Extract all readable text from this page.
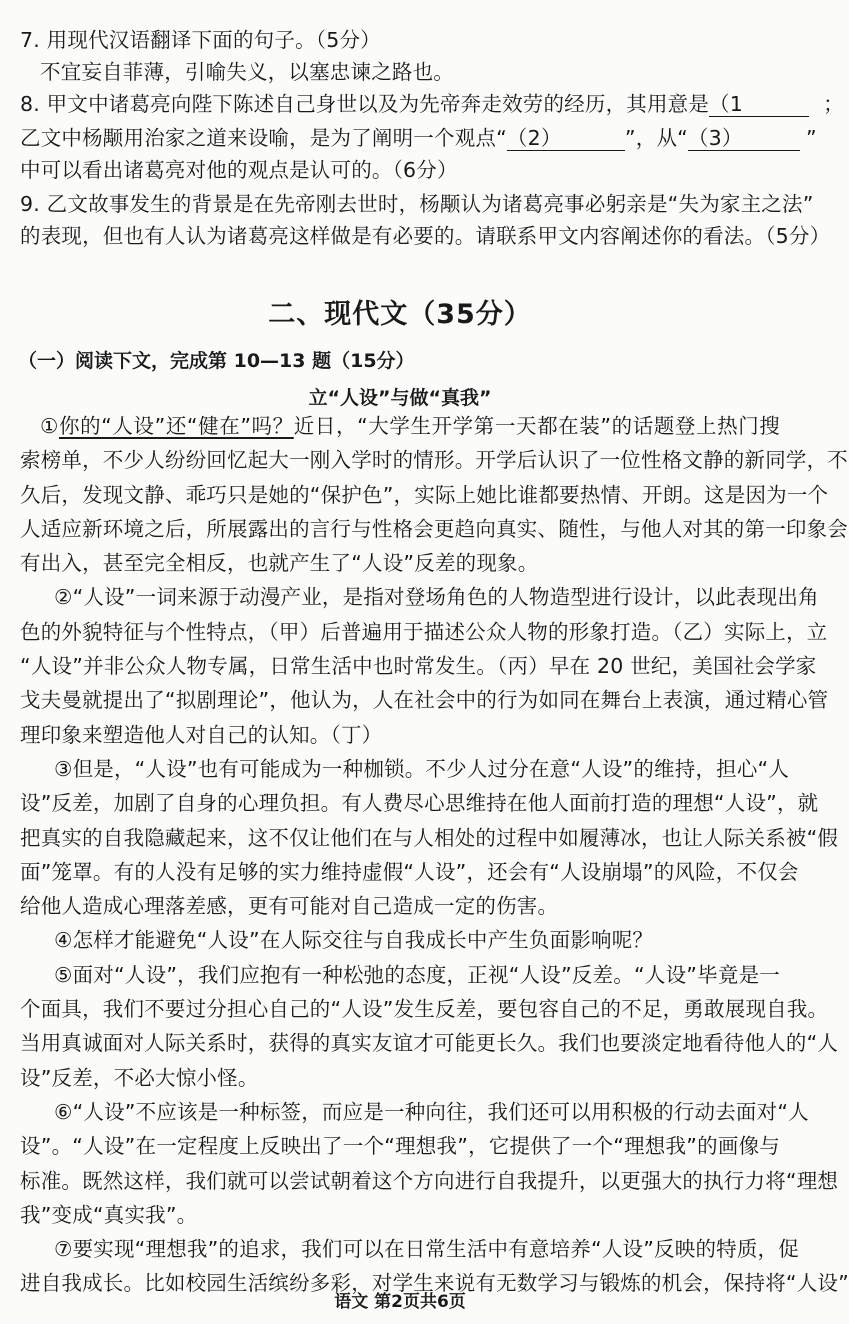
7. 用现代汉语翻译下面的句子。（5分）
不宜妄自菲薄，引喻失义，以塞忠谏之路也。
8. 甲文中诸葛亮向陛下陈述自己身世以及为先帝奔走效劳的经历，其用意是（1	；
乙文中杨颙用治家之道来设喻，是为了阐明一个观点“（2）	”，从“（3）	”
中可以看出诸葛亮对他的观点是认可的。（6分）
9. 乙文故事发生的背景是在先帝刚去世时，杨颙认为诸葛亮事必躬亲是“失为家主之法”
的表现，但也有人认为诸葛亮这样做是有必要的。请联系甲文内容阐述你的看法。（5分）
二、现代文（35分）
（一）阅读下文，完成第 10—13 题（15分）
立“人设”与做“真我”
①你的“人设”还“健在”吗？近日，“大学生开学第一天都在装”的话题登上热门搜
索榜单，不少人纷纷回忆起大一刚入学时的情形。开学后认识了一位性格文静的新同学，不
久后，发现文静、乖巧只是她的“保护色”，实际上她比谁都要热情、开朗。这是因为一个
人适应新环境之后，所展露出的言行与性格会更趋向真实、随性，与他人对其的第一印象会
有出入，甚至完全相反，也就产生了“人设”反差的现象。
②“人设”一词来源于动漫产业，是指对登场角色的人物造型进行设计，以此表现出角
色的外貌特征与个性特点，（甲）后普遍用于描述公众人物的形象打造。（乙）实际上，立
“人设”并非公众人物专属，日常生活中也时常发生。（丙）早在 20 世纪，美国社会学家
戈夫曼就提出了“拟剧理论”，他认为，人在社会中的行为如同在舞台上表演，通过精心管
理印象来塑造他人对自己的认知。（丁）
③但是，“人设”也有可能成为一种枷锁。不少人过分在意“人设”的维持，担心“人
设”反差，加剧了自身的心理负担。有人费尽心思维持在他人面前打造的理想“人设”，就
把真实的自我隐藏起来，这不仅让他们在与人相处的过程中如履薄冰，也让人际关系被“假
面”笼罩。有的人没有足够的实力维持虚假“人设”，还会有“人设崩塌”的风险，不仅会
给他人造成心理落差感，更有可能对自己造成一定的伤害。
④怎样才能避免“人设”在人际交往与自我成长中产生负面影响呢？
⑤面对“人设”，我们应抱有一种松弛的态度，正视“人设”反差。“人设”毕竟是一
个面具，我们不要过分担心自己的“人设”发生反差，要包容自己的不足，勇敢展现自我。
当用真诚面对人际关系时，获得的真实友谊才可能更长久。我们也要淡定地看待他人的“人
设”反差，不必大惊小怪。
⑥“人设”不应该是一种标签，而应是一种向往，我们还可以用积极的行动去面对“人
设”。“人设”在一定程度上反映出了一个“理想我”，它提供了一个“理想我”的画像与
标准。既然这样，我们就可以尝试朝着这个方向进行自我提升，以更强大的执行力将“理想
我”变成“真实我”。
⑦要实现“理想我”的追求，我们可以在日常生活中有意培养“人设”反映的特质，促
进自我成长。比如校园生活缤纷多彩，对学生来说有无数学习与锻炼的机会，保持将“人设”
语文 第2页共6页
